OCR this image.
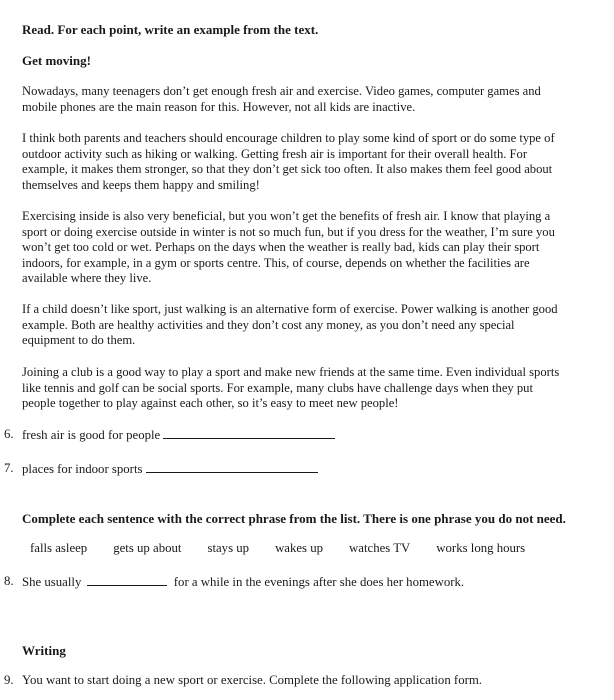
Read. For each point, write an example from the text.
Get moving!
Nowadays, many teenagers don’t get enough fresh air and exercise. Video games, computer games and
mobile phones are the main reason for this. However, not all kids are inactive.
I think both parents and teachers should encourage children to play some kind of sport or do some type of
outdoor activity such as hiking or walking. Getting fresh air is important for their overall health. For
example, it makes them stronger, so that they don’t get sick too often. It also makes them feel good about
themselves and keeps them happy and smiling!
Exercising inside is also very beneficial, but you won’t get the benefits of fresh air. I know that playing a
sport or doing exercise outside in winter is not so much fun, but if you dress for the weather, I’m sure you
won’t get too cold or wet. Perhaps on the days when the weather is really bad, kids can play their sport
indoors, for example, in a gym or sports centre. This, of course, depends on whether the facilities are
available where they live.
If a child doesn’t like sport, just walking is an alternative form of exercise. Power walking is another good
example. Both are healthy activities and they don’t cost any money, as you don’t need any special
equipment to do them.
Joining a club is a good way to play a sport and make new friends at the same time. Even individual sports
like tennis and golf can be social sports. For example, many clubs have challenge days when they put
people together to play against each other, so it’s easy to meet new people!
6. fresh air is good for people
7. places for indoor sports
Complete each sentence with the correct phrase from the list. There is one phrase you do not need.
falls asleep gets up about stays up wakes up watches TV works long hours
8. She usually	for a while in the evenings after she does her homework.
Writing
9. You want to start doing a new sport or exercise. Complete the following application form.
